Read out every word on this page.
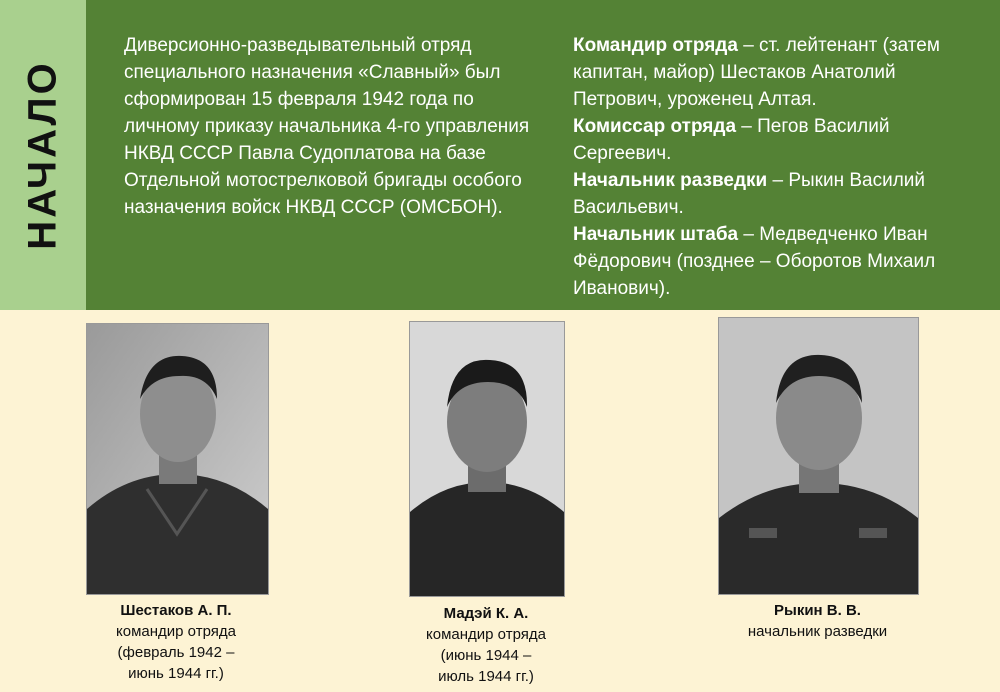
НАЧАЛО

Диверсионно-разведывательный отряд специального назначения «Славный» был сформирован 15 февраля 1942 года по личному приказу начальника 4-го управления НКВД СССР Павла Судоплатова на базе Отдельной мотострелковой бригады особого назначения войск НКВД СССР (ОМСБОН).

Командир отряда – ст. лейтенант (затем капитан, майор) Шестаков Анатолий Петрович, уроженец Алтая.

Комиссар отряда – Пегов Василий Сергеевич.

Начальник разведки – Рыкин Василий Васильевич.

Начальник штаба – Медведченко Иван Фёдорович (позднее – Оборотов Михаил Иванович).

Шестаков А. П.
командир отряда
(февраль 1942 –
июнь 1944 гг.)
Мадэй К. А.
командир отряда
(июнь 1944 –
июль 1944 гг.)
Рыкин В. В.
начальник разведки
